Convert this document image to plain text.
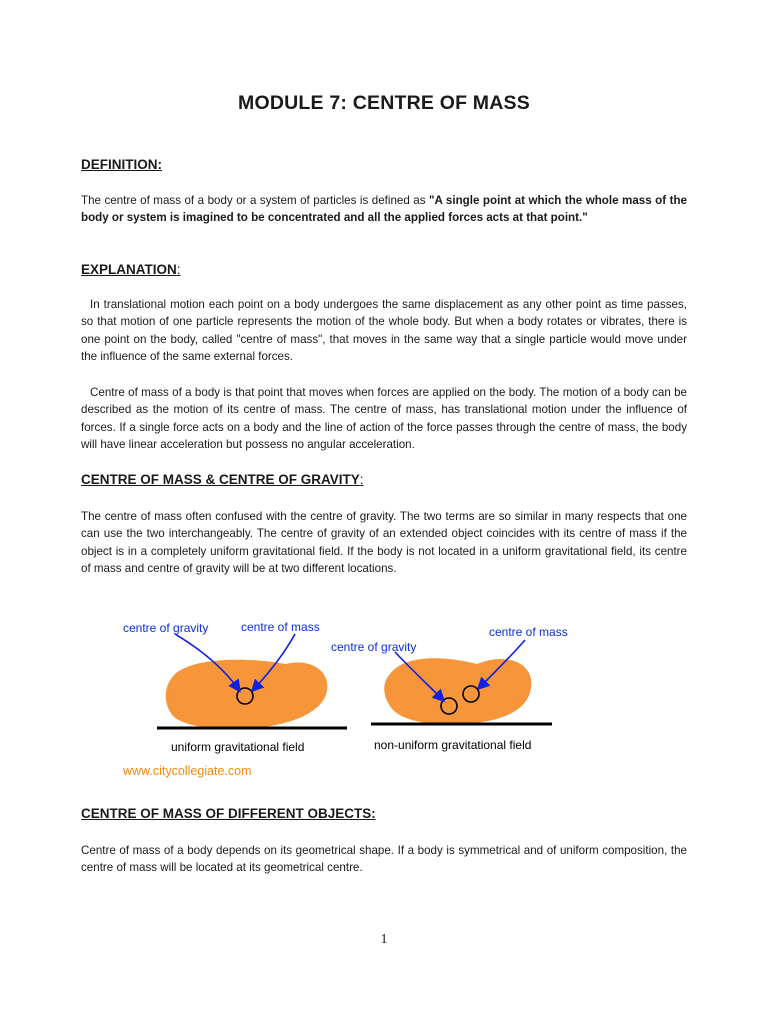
MODULE 7: CENTRE OF MASS
DEFINITION:
The centre of mass of a body or a system of particles is defined as "A single point at which the whole mass of the body or system is imagined to be concentrated and all the applied forces acts at that point."
EXPLANATION:
In translational motion each point on a body undergoes the same displacement as any other point as time passes, so that motion of one particle represents the motion of the whole body. But when a body rotates or vibrates, there is one point on the body, called "centre of mass", that moves in the same way that a single particle would move under the influence of the same external forces.
Centre of mass of a body is that point that moves when forces are applied on the body. The motion of a body can be described as the motion of its centre of mass. The centre of mass, has translational motion under the influence of forces. If a single force acts on a body and the line of action of the force passes through the centre of mass, the body will have linear acceleration but possess no angular acceleration.
CENTRE OF MASS & CENTRE OF GRAVITY:
The centre of mass often confused with the centre of gravity. The two terms are so similar in many respects that one can use the two interchangeably. The centre of gravity of an extended object coincides with its centre of mass if the object is in a completely uniform gravitational field. If the body is not located in a uniform gravitational field, its centre of mass and centre of gravity will be at two different locations.
centre of gravity	centre of mass
centre of gravity
centre of mass
uniform gravitational field	non-uniform gravitational field
www.citycollegiate.com
CENTRE OF MASS OF DIFFERENT OBJECTS:
Centre of mass of a body depends on its geometrical shape. If a body is symmetrical and of uniform composition, the centre of mass will be located at its geometrical centre.
1
